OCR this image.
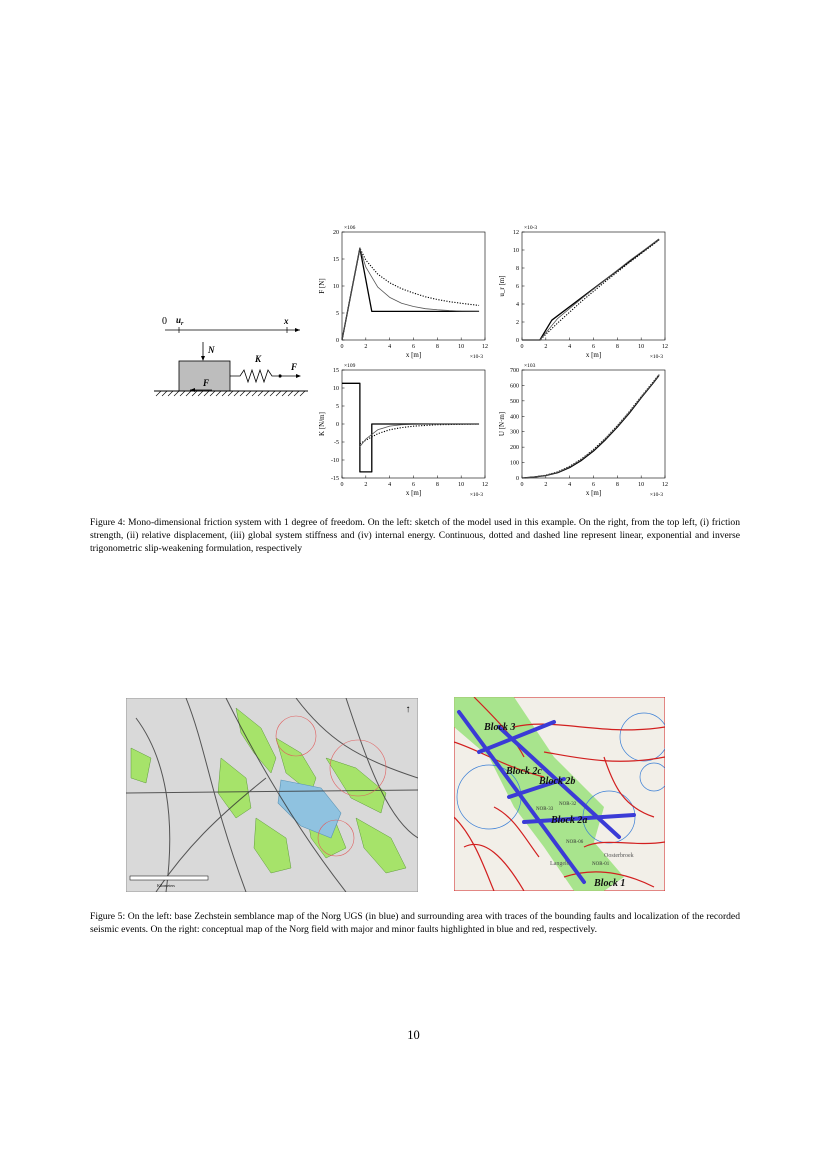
0 $u_r$	x
N
F
K
F
0	2	4	6	8	10	12
0
5
10
15
20
x [m]	×10-3
×106
F [N]
0	2	4	6	8	10	12
0
2
4
6
8
10
12
x [m]	×10-3
×10-3
u_r [m]
0	2	4	6	8	10	12
-15
-10
-5
0
5
10
15
x [m]	×10-3
×109
K [N/m]
0	2	4	6	8	10	12
0
100
200
300
400
500
600
700
x [m]	×10-3
×103
U [N·m]
Figure 4: Mono-dimensional friction system with 1 degree of freedom. On the left: sketch of the model used in this example. On the right, from the top left, (i) friction strength, (ii) relative displacement, (iii) global system stiffness and (iv) internal energy. Continuous, dotted and dashed line represent linear, exponential and inverse trigonometric slip-weakening formulation, respectively
Kilometers
↑
Block 3
Block 2c
Block 2b
Block 2a
Block 1
NOR-32
NOR-33
NOR-06
NOR-01
Langelo
Oosterbroek
Figure 5: On the left: base Zechstein semblance map of the Norg UGS (in blue) and surrounding area with traces of the bounding faults and localization of the recorded seismic events. On the right: conceptual map of the Norg field with major and minor faults highlighted in blue and red, respectively.
10
